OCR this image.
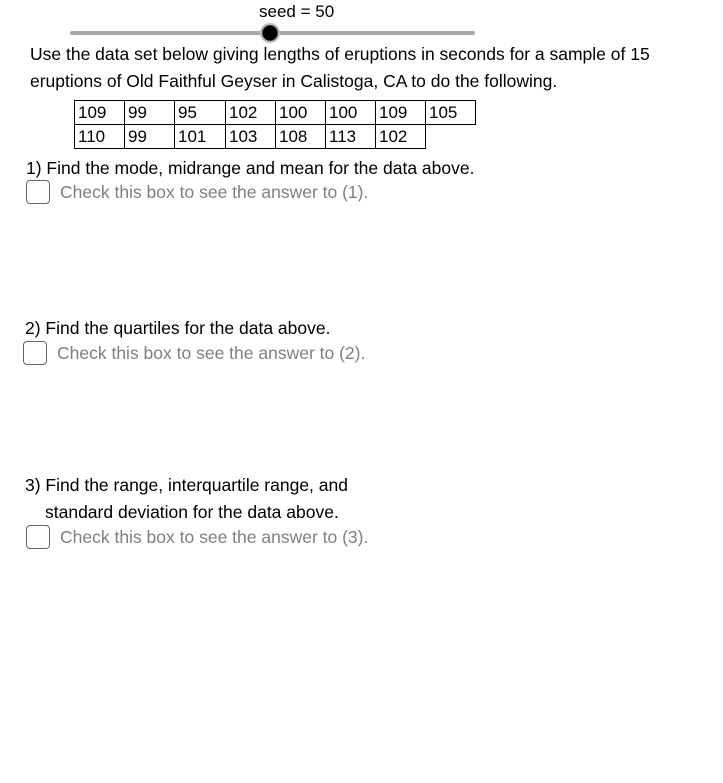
seed = 50
Use the data set below giving lengths of eruptions in seconds for a sample of 15 eruptions of Old Faithful Geyser in Calistoga, CA to do the following.
109	99	95	102	100	100	109	105
110	99	101	103	108	113	102	
1) Find the mode, midrange and mean for the data above.
Check this box to see the answer to (1).
2) Find the quartiles for the data above.
Check this box to see the answer to (2).
3) Find the range, interquartile range, and
standard deviation for the data above.
Check this box to see the answer to (3).
